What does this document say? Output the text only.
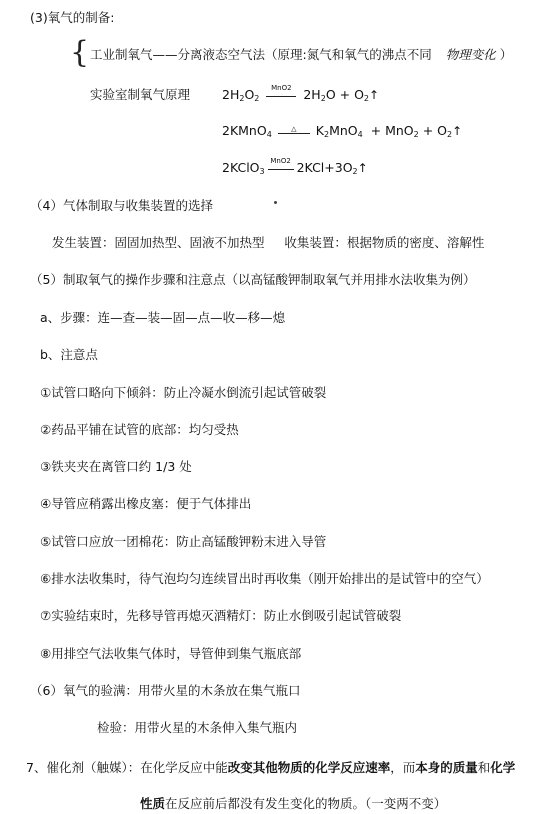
(3)氧气的制备:
{ 工业制氧气——分离液态空气法（原理:氮气和氧气的沸点不同 物理变化 ）
实验室制氧气原理	$2H_2O_2$
MnO2 $2H_2O$ + $O_2↑$
2KMnO$_4$
△	$K_2MnO_4 + MnO_2$ + $O_2↑$
2KClO$_3$
MnO2 $2KCl+3O_2↑$
（4）气体制取与收集装置的选择
发生装置：固固加热型、固液不加热型     收集装置：根据物质的密度、溶解性
（5）制取氧气的操作步骤和注意点（以高锰酸钾制取氧气并用排水法收集为例）
a、步骤：连—查—装—固—点—收—移—熄
b、注意点
①试管口略向下倾斜：防止冷凝水倒流引起试管破裂
②药品平铺在试管的底部：均匀受热
③铁夹夹在离管口约 1/3 处
④导管应稍露出橡皮塞：便于气体排出
⑤试管口应放一团棉花：防止高锰酸钾粉末进入导管
⑥排水法收集时，待气泡均匀连续冒出时再收集（刚开始排出的是试管中的空气）
⑦实验结束时，先移导管再熄灭酒精灯：防止水倒吸引起试管破裂
⑧用排空气法收集气体时，导管伸到集气瓶底部
（6）氧气的验满：用带火星的木条放在集气瓶口
检验：用带火星的木条伸入集气瓶内
7、催化剂（触媒）：在化学反应中能改变其他物质的化学反应速率，而本身的质量和化学
性质在反应前后都没有发生变化的物质。（一变两不变）
